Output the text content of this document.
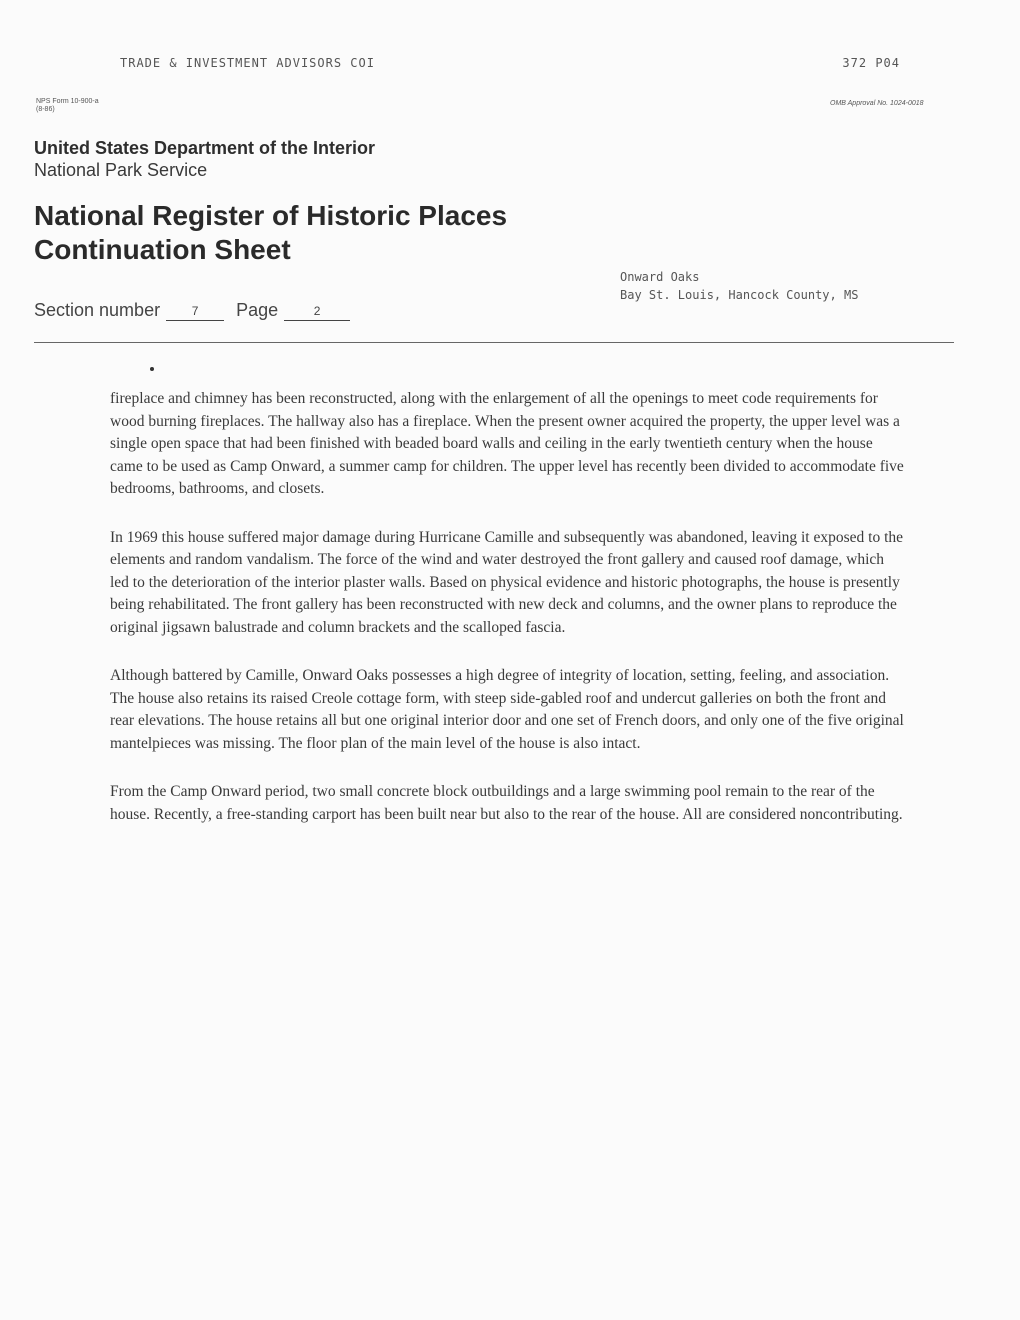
TRADE & INVESTMENT ADVISORS COI	372 P04
NPS Form 10-900-a
(8-86)
OMB Approval No. 1024-0018
United States Department of the Interior
National Park Service
National Register of Historic Places
Continuation Sheet
Section number	7	Page	2
Onward Oaks
Bay St. Louis, Hancock County, MS

fireplace and chimney has been reconstructed, along with the enlargement of all the openings to meet code requirements for wood burning fireplaces. The hallway also has a fireplace. When the present owner acquired the property, the upper level was a single open space that had been finished with beaded board walls and ceiling in the early twentieth century when the house came to be used as Camp Onward, a summer camp for children. The upper level has recently been divided to accommodate five bedrooms, bathrooms, and closets.

In 1969 this house suffered major damage during Hurricane Camille and subsequently was abandoned, leaving it exposed to the elements and random vandalism. The force of the wind and water destroyed the front gallery and caused roof damage, which led to the deterioration of the interior plaster walls. Based on physical evidence and historic photographs, the house is presently being rehabilitated. The front gallery has been reconstructed with new deck and columns, and the owner plans to reproduce the original jigsawn balustrade and column brackets and the scalloped fascia.

Although battered by Camille, Onward Oaks possesses a high degree of integrity of location, setting, feeling, and association. The house also retains its raised Creole cottage form, with steep side-gabled roof and undercut galleries on both the front and rear elevations. The house retains all but one original interior door and one set of French doors, and only one of the five original mantelpieces was missing. The floor plan of the main level of the house is also intact.

From the Camp Onward period, two small concrete block outbuildings and a large swimming pool remain to the rear of the house. Recently, a free-standing carport has been built near but also to the rear of the house. All are considered noncontributing.
